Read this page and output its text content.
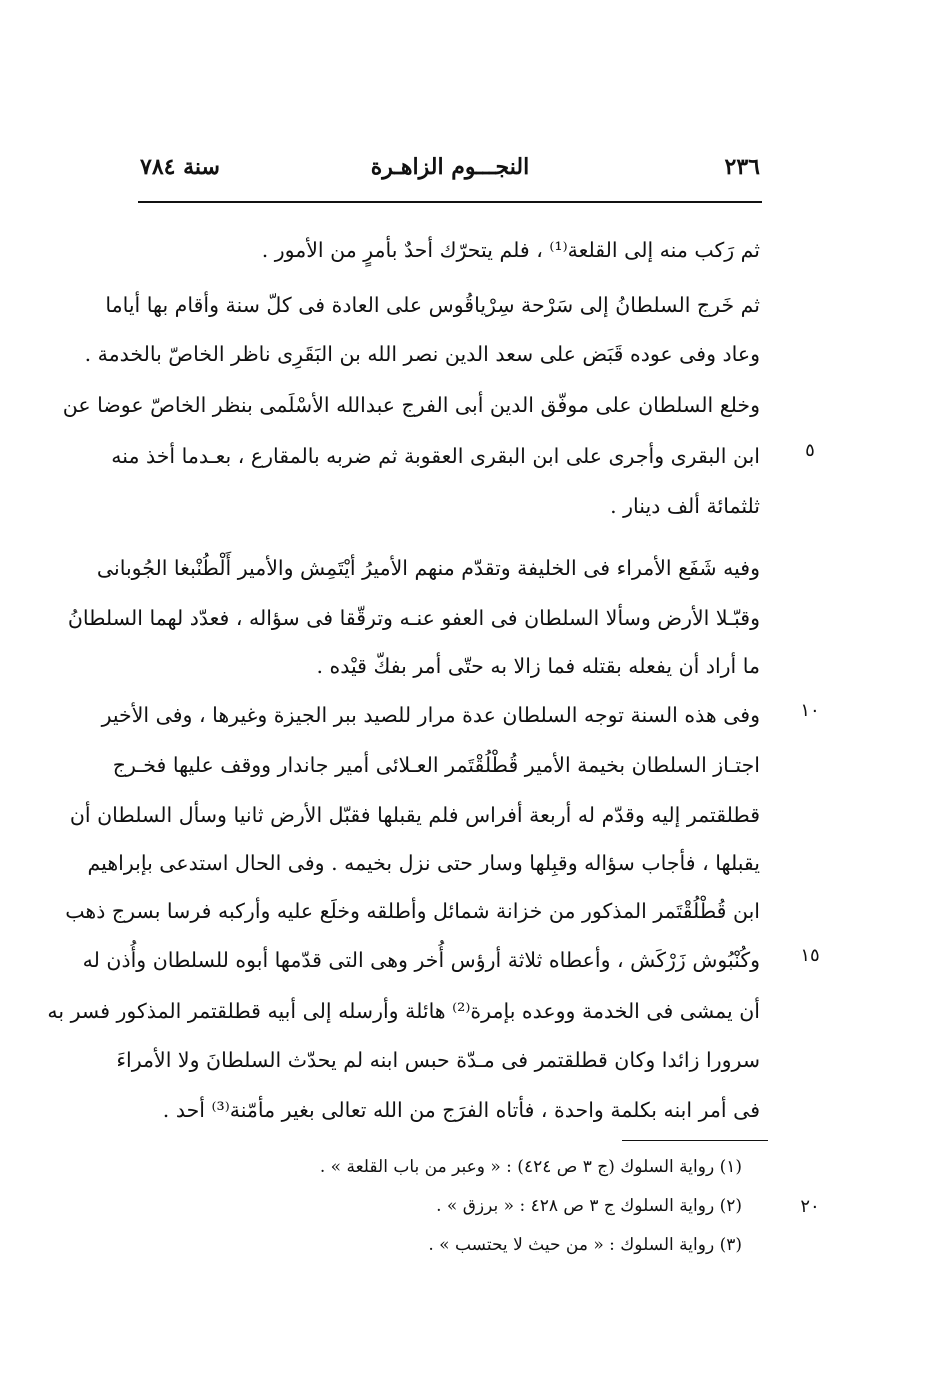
٢٣٦
النجـــوم الزاهـرة
سنة ٧٨٤
ثم رَكب منه إلى القلعة⁽¹⁾ ، فلم يتحرّك أحدٌ بأمرٍ من الأمور .
ثم خَرج السلطانُ إلى سَرْحة سِرْياقُوس على العادة فى كلّ سنة وأقام بها أياما
وعاد وفى عوده قَبَض على سعد الدين نصر الله بن البَقَرِى ناظر الخاصّ بالخدمة .
وخلع السلطان على موفّق الدين أبى الفرج عبدالله الأسْلَمى بنظر الخاصّ عوضا عن
ابن البقرى وأجرى على ابن البقرى العقوبة ثم ضربه بالمقارع ، بعـدما أخذ منه
ثلثمائة ألف دينار .
وفيه شَفَع الأمراء فى الخليفة وتقدّم منهم الأميرُ أيْتَمِش والأمير أَلْطُنْبغا الجُوبانى
وقبّـلا الأرض وسألا السلطان فى العفو عنـه وترقّقا فى سؤاله ، فعدّد لهما السلطانُ
ما أراد أن يفعله بقتله فما زالا به حتّى أمر بفكّ قيْده .
وفى هذه السنة توجه السلطان عدة مرار للصيد ببر الجيزة وغيرها ، وفى الأخير
اجتـاز السلطان بخيمة الأمير قُطْلُقْتَمر العـلائى أمير جاندار ووقف عليها فخـرج
قطلقتمر إليه وقدّم له أربعة أفراس فلم يقبلها فقبّل الأرض ثانيا وسأل السلطان أن
يقبلها ، فأجاب سؤاله وقبِلها وسار حتى نزل بخيمه . وفى الحال استدعى بإبراهيم
ابن قُطْلُقْتَمر المذكور من خزانة شمائل وأطلقه وخلَع عليه وأركبه فرسا بسرج ذهب
وكُنْبُوش زَرْكَش ، وأعطاه ثلاثة أرؤس أُخر وهى التى قدّمها أبوه للسلطان وأُذن له
أن يمشى فى الخدمة ووعده بإمرة⁽²⁾ هائلة وأرسله إلى أبيه قطلقتمر المذكور فسر به
سرورا زائدا وكان قطلقتمر فى مـدّة حبس ابنه لم يحدّث السلطانَ ولا الأمراءَ
فى أمر ابنه بكلمة واحدة ، فأتاه الفرَج من الله تعالى بغير مأمّنة⁽³⁾ أحد .
٥
١٠
١٥
٢٠
(١) رواية السلوك (ج ٣ ص ٤٢٤) : « وعبر من باب القلعة » .
(٢) رواية السلوك ج ٣ ص ٤٢٨ : « برزق » .
(٣) رواية السلوك : « من حيث لا يحتسب » .
